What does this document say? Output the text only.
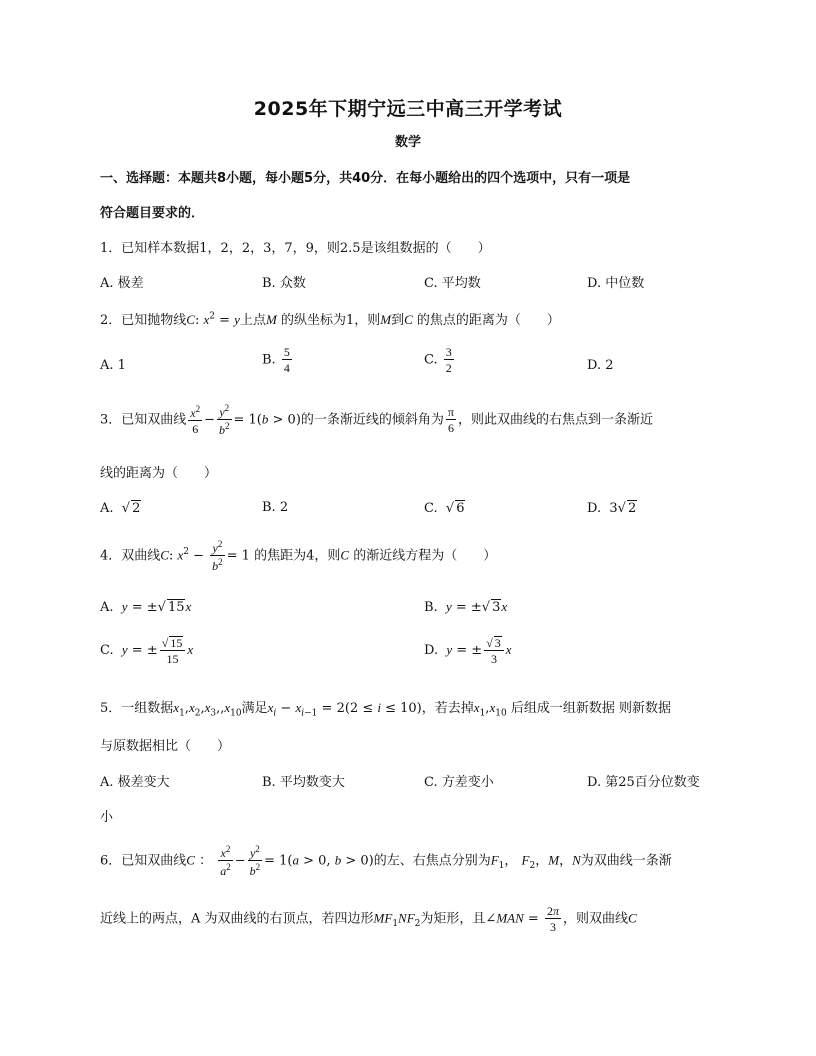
2025年下期宁远三中高三开学考试
数学
一、选择题：本题共8小题，每小题5分，共40分．在每小题给出的四个选项中，只有一项是
符合题目要求的．
1．已知样本数据1，2，2，3，7，9，则2.5是该组数据的（　　）
A. 极差	B. 众数	C. 平均数	D. 中位数
2．已知抛物线C: $x^2 = y$上点M 的纵坐标为1，则M到C 的焦点的距离为（　　）
A. 1	B. $\frac{5}{4}$	C. $\frac{3}{2}$	D. 2
3．已知双曲线 $\frac{x^2}{6} - \frac{y^2}{b^2} = 1(b > 0)$的一条渐近线的倾斜角为 $\frac{\pi}{6}$ ，则此双曲线的右焦点到一条渐近
线的距离为（　　）
A. √ 2	B. 2	C. √ 6	D. 3√ 2
4．双曲线C: $x^2 - \frac{y^2}{b^2} = 1$ 的焦距为4，则C 的渐近线方程为（　　）
A. y = ±√ 15x	B. y = ±√ 3x
C. y = ± $\frac{√ 15}{15}$ x	D. y = ± $\frac{√ 3}{3}$ x
5．一组数据$x_1,x_2,x_3,,x_{10}$满足$x_i - x_{i-1} = 2(2 \le i \le 10)$，若去掉$x_1,x_{10}$ 后组成一组新数据 则新数据
与原数据相比（　　）
A. 极差变大	B. 平均数变大	C. 方差变小	D. 第25百分位数变
小
6．已知双曲线C ： $\frac{x^2}{a^2} - \frac{y^2}{b^2} = 1(a > 0$, b > 0)的左、右焦点分别为$F_1$， $F_2$，M，N为双曲线一条渐
近线上的两点，A 为双曲线的右顶点，若四边形$MF_1NF_2$为矩形，且∠MAN = $\frac{2\pi}{3}$ ，则双曲线C
